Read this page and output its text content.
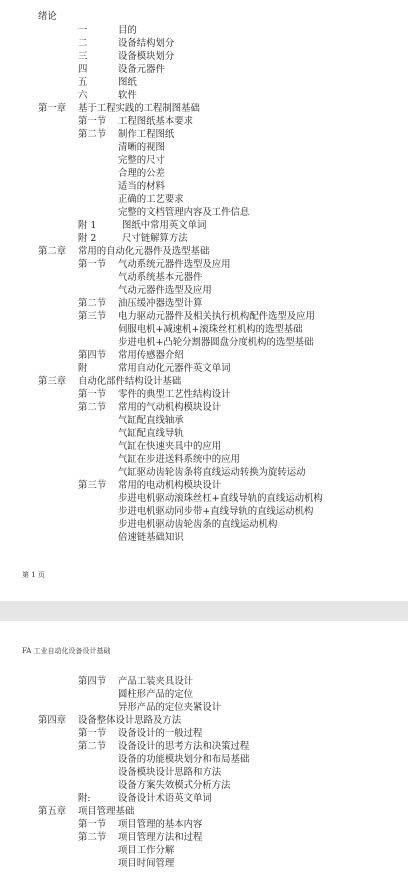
绪论
一	目的
二	设备结构划分
三	设备模块划分
四	设备元器件
五	图纸
六	软件
第一章 基于工程实践的工程制图基础
第一节 工程图纸基本要求
第二节 制作工程图纸
清晰的视图
完整的尺寸
合理的公差
适当的材料
正确的工艺要求
完整的文档管理内容及工件信息
附 1	图纸中常用英文单词
附 2	尺寸链解算方法
第二章 常用的自动化元器件及选型基础
第一节 气动系统元器件选型及应用
气动系统基本元器件
气动元器件选型及应用
第二节 油压缓冲器选型计算
第三节 电力驱动元器件及相关执行机构配件选型及应用
伺服电机+减速机+滚珠丝杠机构的选型基础
步进电机+凸轮分割器圆盘分度机构的选型基础
第四节 常用传感器介绍
附	常用自动化元器件英文单词
第三章 自动化部件结构设计基础
第一节 零件的典型工艺性结构设计
第二节 常用的气动机构模块设计
气缸配直线轴承
气缸配直线导轨
气缸在快速夹具中的应用
气缸在步进送料系统中的应用
气缸驱动齿轮齿条将直线运动转换为旋转运动
第三节 常用的电动机构模块设计
步进电机驱动滚珠丝杠+直线导轨的直线运动机构
步进电机驱动同步带+直线导轨的直线运动机构
步进电机驱动齿轮齿条的直线运动机构
倍速链基础知识
第 1 页
FA 工业自动化设备设计基础
第四节 产品工装夹具设计
圆柱形产品的定位
异形产品的定位夹紧设计
第四章 设备整体设计思路及方法
第一节 设备设计的一般过程
第二节 设备设计的思考方法和决策过程
设备的功能模块划分和布局基础
设备模块设计思路和方法
设备方案失效模式分析方法
附:	设备设计术语英文单词
第五章 项目管理基础
第一节 项目管理的基本内容
第二节 项目管理方法和过程
项目工作分解
项目时间管理
